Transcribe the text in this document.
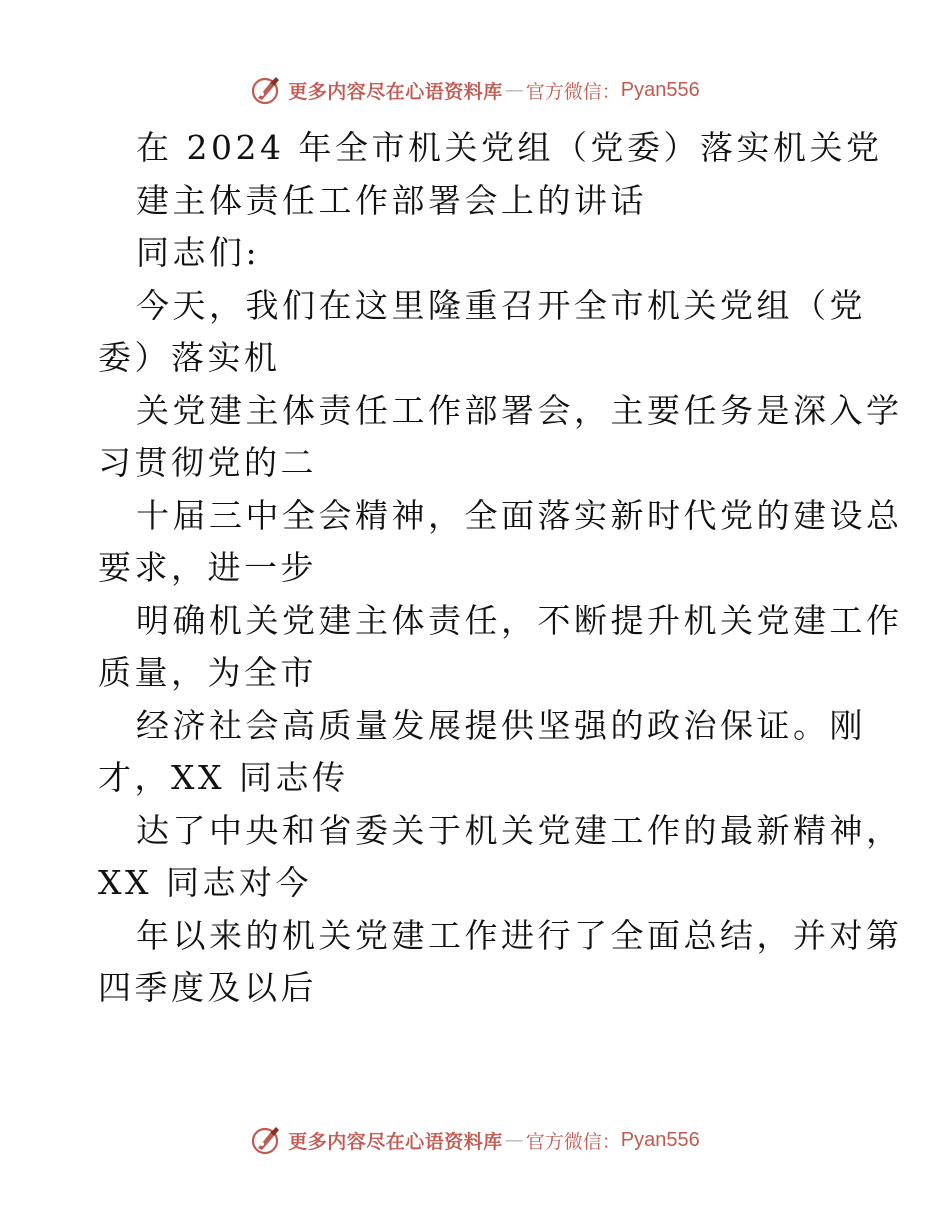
更多内容尽在心语资料库 — 官方微信： Pyan556
在 2024 年全市机关党组（党委）落实机关党
建主体责任工作部署会上的讲话
同志们:
今天，我们在这里隆重召开全市机关党组（党
委）落实机
关党建主体责任工作部署会，主要任务是深入学
习贯彻党的二
十届三中全会精神，全面落实新时代党的建设总
要求，进一步
明确机关党建主体责任，不断提升机关党建工作
质量，为全市
经济社会高质量发展提供坚强的政治保证。刚
才，XX 同志传
达了中央和省委关于机关党建工作的最新精神，
XX 同志对今
年以来的机关党建工作进行了全面总结，并对第
四季度及以后
更多内容尽在心语资料库 — 官方微信： Pyan556
